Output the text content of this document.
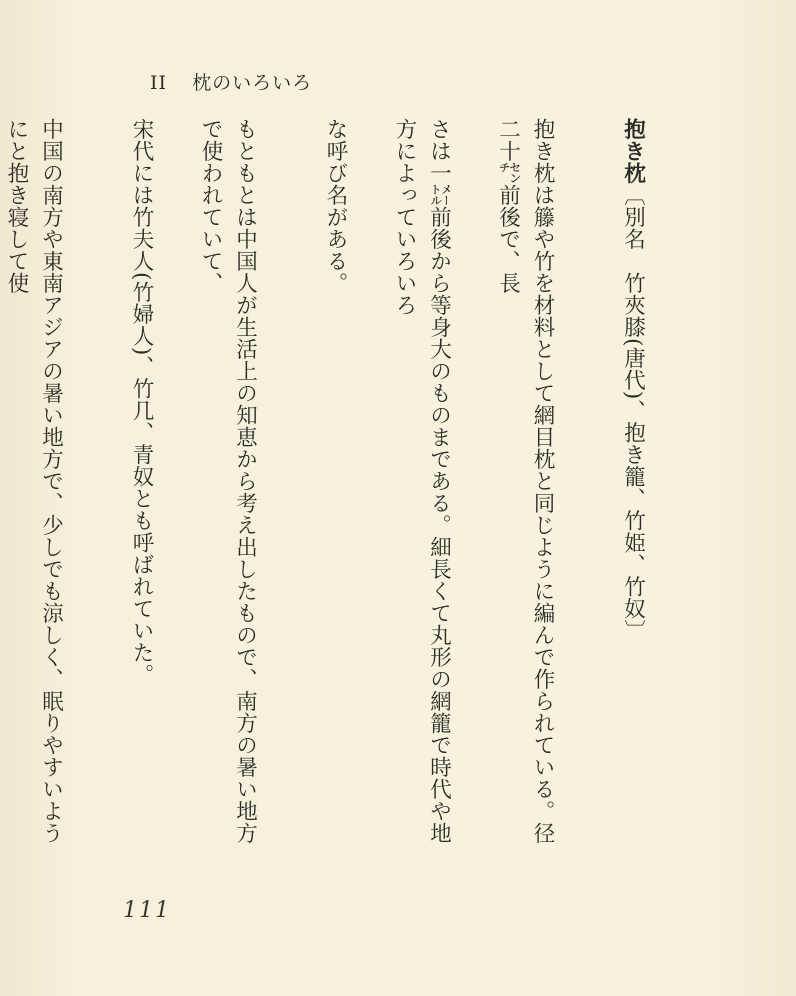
II 枕のいろいろ

抱き枕〔別名　竹夾膝(唐代)、抱き籠、竹姫、竹奴〕

抱き枕は籐や竹を材料として網目枕と同じように編んで作られている。径二十㌢前後で、長

さは一㍍前後から等身大のものまである。細長くて丸形の網籠で時代や地方によっていろいろ

な呼び名がある。

もともとは中国人が生活上の知恵から考え出したもので、南方の暑い地方で使われていて、

宋代には竹夫人(竹婦人)、竹几、青奴とも呼ばれていた。

中国の南方や東南アジアの暑い地方で、少しでも涼しく、眠りやすいようにと抱き寝して使

111
